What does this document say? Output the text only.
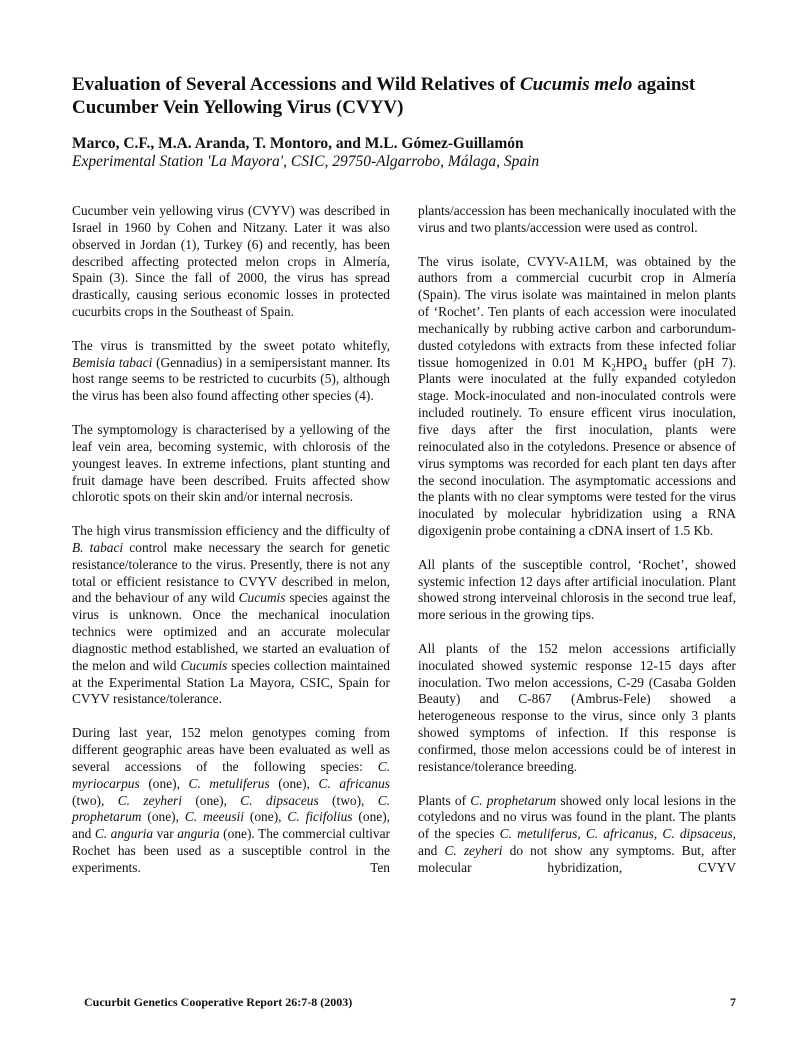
Evaluation of Several Accessions and Wild Relatives of Cucumis melo against
Cucumber Vein Yellowing Virus (CVYV)

Marco, C.F., M.A. Aranda, T. Montoro, and M.L. Gómez-Guillamón

Experimental Station 'La Mayora', CSIC, 29750-Algarrobo, Málaga, Spain

Cucumber vein yellowing virus (CVYV) was described in Israel in 1960 by Cohen and Nitzany. Later it was also observed in Jordan (1), Turkey (6) and recently, has been described affecting protected melon crops in Almería, Spain (3). Since the fall of 2000, the virus has spread drastically, causing serious economic losses in protected cucurbits crops in the Southeast of Spain.

The virus is transmitted by the sweet potato whitefly, Bemisia tabaci (Gennadius) in a semipersistant manner. Its host range seems to be restricted to cucurbits (5), although the virus has been also found affecting other species (4).

The symptomology is characterised by a yellowing of the leaf vein area, becoming systemic, with chlorosis of the youngest leaves. In extreme infections, plant stunting and fruit damage have been described. Fruits affected show chlorotic spots on their skin and/or internal necrosis.

The high virus transmission efficiency and the difficulty of B. tabaci control make necessary the search for genetic resistance/tolerance to the virus. Presently, there is not any total or efficient resistance to CVYV described in melon, and the behaviour of any wild Cucumis species against the virus is unknown. Once the mechanical inoculation technics were optimized and an accurate molecular diagnostic method established, we started an evaluation of the melon and wild Cucumis species collection maintained at the Experimental Station La Mayora, CSIC, Spain for CVYV resistance/tolerance.

During last year, 152 melon genotypes coming from different geographic areas have been evaluated as well as several accessions of the following species: C. myriocarpus (one), C. metuliferus (one), C. africanus (two), C. zeyheri (one), C. dipsaceus (two), C. prophetarum (one), C. meeusii (one), C. ficifolius (one), and C. anguria var anguria (one). The commercial cultivar Rochet has been used as a susceptible control in the experiments. Ten

plants/accession has been mechanically inoculated with the virus and two plants/accession were used as control.

The virus isolate, CVYV-A1LM, was obtained by the authors from a commercial cucurbit crop in Almería (Spain). The virus isolate was maintained in melon plants of ‘Rochet’. Ten plants of each accession were inoculated mechanically by rubbing active carbon and carborundum-dusted cotyledons with extracts from these infected foliar tissue homogenized in 0.01 M $K_2HPO_4$ buffer (pH 7). Plants were inoculated at the fully expanded cotyledon stage. Mock-inoculated and non-inoculated controls were included routinely. To ensure efficent virus inoculation, five days after the first inoculation, plants were reinoculated also in the cotyledons. Presence or absence of virus symptoms was recorded for each plant ten days after the second inoculation. The asymptomatic accessions and the plants with no clear symptoms were tested for the virus inoculated by molecular hybridization using a RNA digoxigenin probe containing a cDNA insert of 1.5 Kb.

All plants of the susceptible control, ‘Rochet’, showed systemic infection 12 days after artificial inoculation. Plant showed strong interveinal chlorosis in the second true leaf, more serious in the growing tips.

All plants of the 152 melon accessions artificially inoculated showed systemic response 12-15 days after inoculation. Two melon accessions, C-29 (Casaba Golden Beauty) and C-867 (Ambrus-Fele) showed a heterogeneous response to the virus, since only 3 plants showed symptoms of infection. If this response is confirmed, those melon accessions could be of interest in resistance/tolerance breeding.

Plants of C. prophetarum showed only local lesions in the cotyledons and no virus was found in the plant. The plants of the species C. metuliferus, C. africanus, C. dipsaceus, and C. zeyheri do not show any symptoms. But, after molecular hybridization, CVYV

Cucurbit Genetics Cooperative Report 26:7-8 (2003)	7
